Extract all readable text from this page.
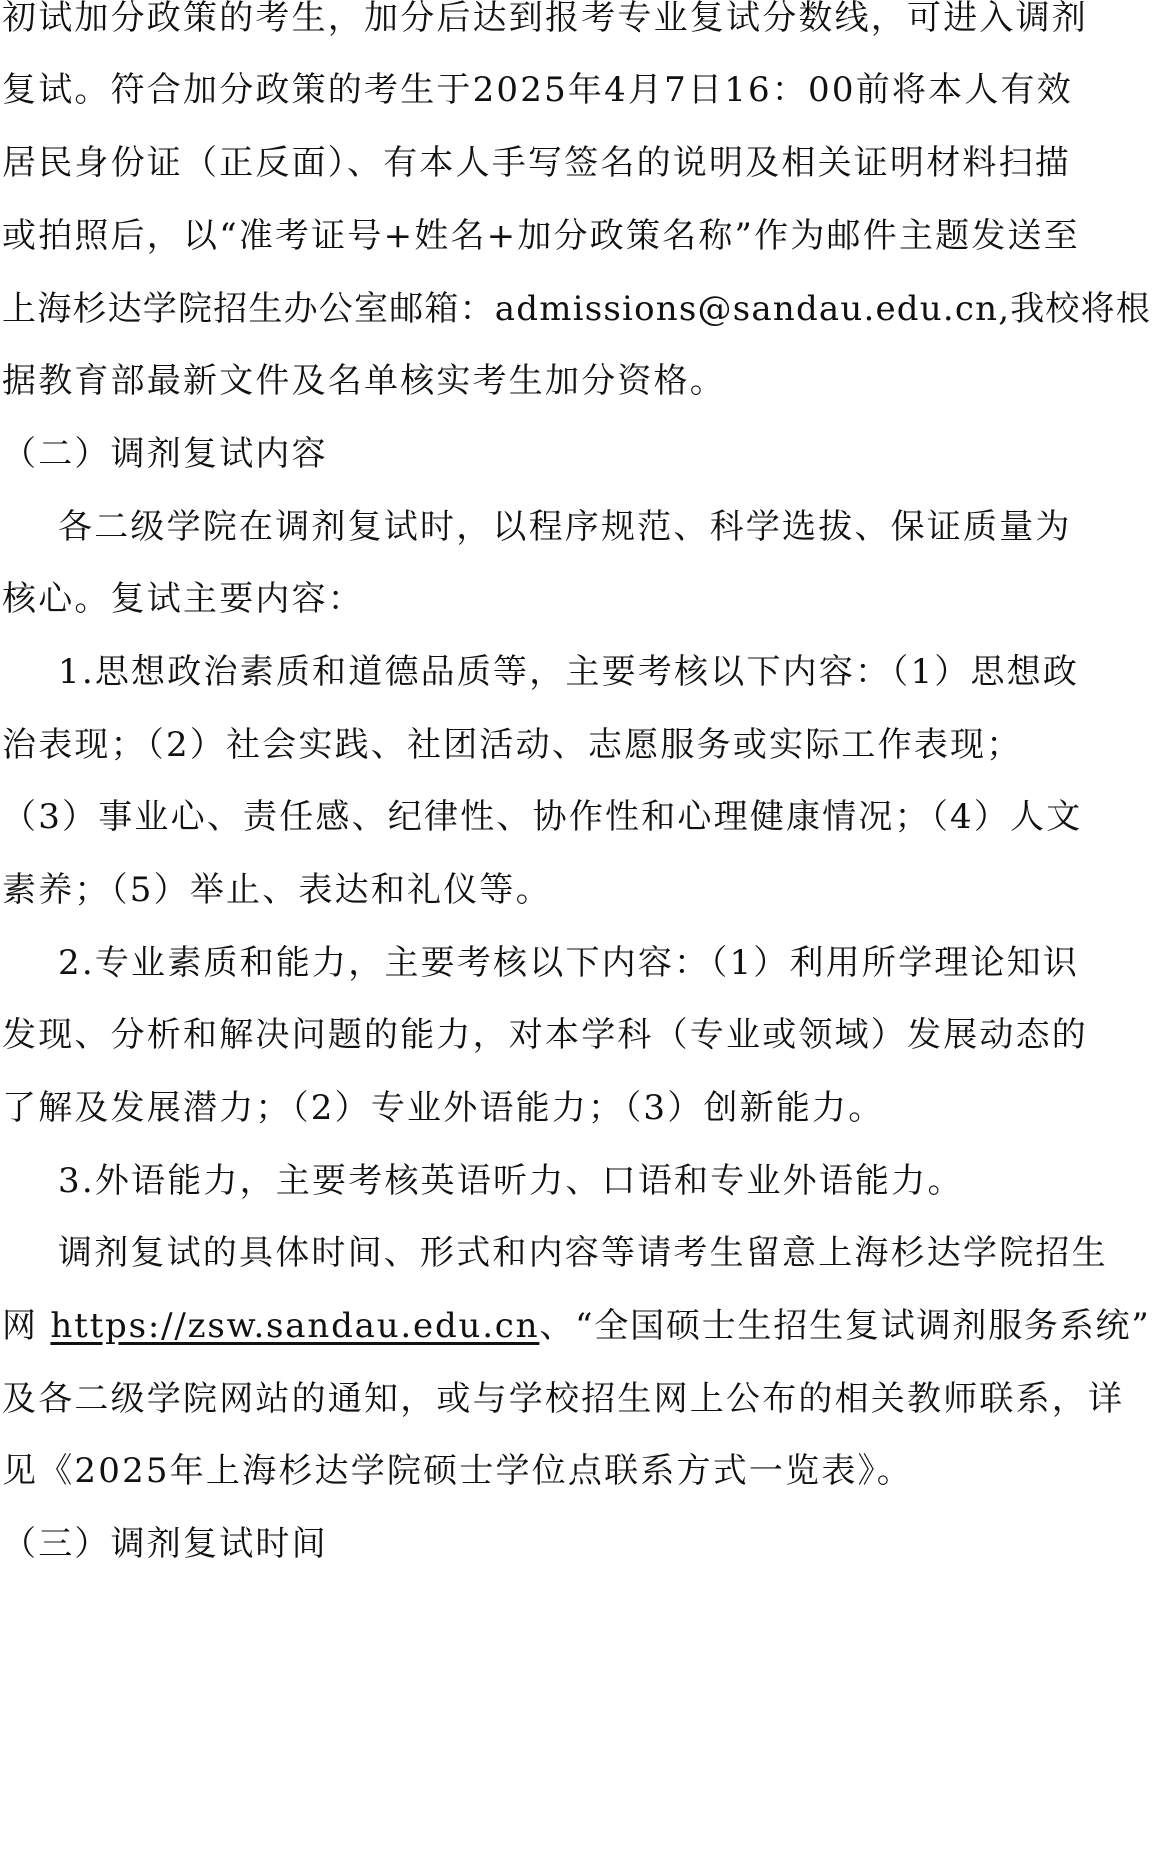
初试加分政策的考生，加分后达到报考专业复试分数线，可进入调剂
复试。符合加分政策的考生于2025年4月7日16：00前将本人有效
居民身份证（正反面）、有本人手写签名的说明及相关证明材料扫描
或拍照后，以“准考证号+姓名+加分政策名称”作为邮件主题发送至
上海杉达学院招生办公室邮箱：admissions@sandau.edu.cn,我校将根
据教育部最新文件及名单核实考生加分资格。
（二）调剂复试内容
各二级学院在调剂复试时，以程序规范、科学选拔、保证质量为
核心。复试主要内容：
1.思想政治素质和道德品质等，主要考核以下内容：（1）思想政
治表现；（2）社会实践、社团活动、志愿服务或实际工作表现；
（3）事业心、责任感、纪律性、协作性和心理健康情况；（4）人文
素养；（5）举止、表达和礼仪等。
2.专业素质和能力，主要考核以下内容：（1）利用所学理论知识
发现、分析和解决问题的能力，对本学科（专业或领域）发展动态的
了解及发展潜力；（2）专业外语能力；（3）创新能力。
3.外语能力，主要考核英语听力、口语和专业外语能力。
调剂复试的具体时间、形式和内容等请考生留意上海杉达学院招生
网 https://zsw.sandau.edu.cn、“全国硕士生招生复试调剂服务系统”
及各二级学院网站的通知，或与学校招生网上公布的相关教师联系，详
见《2025年上海杉达学院硕士学位点联系方式一览表》。
（三）调剂复试时间
